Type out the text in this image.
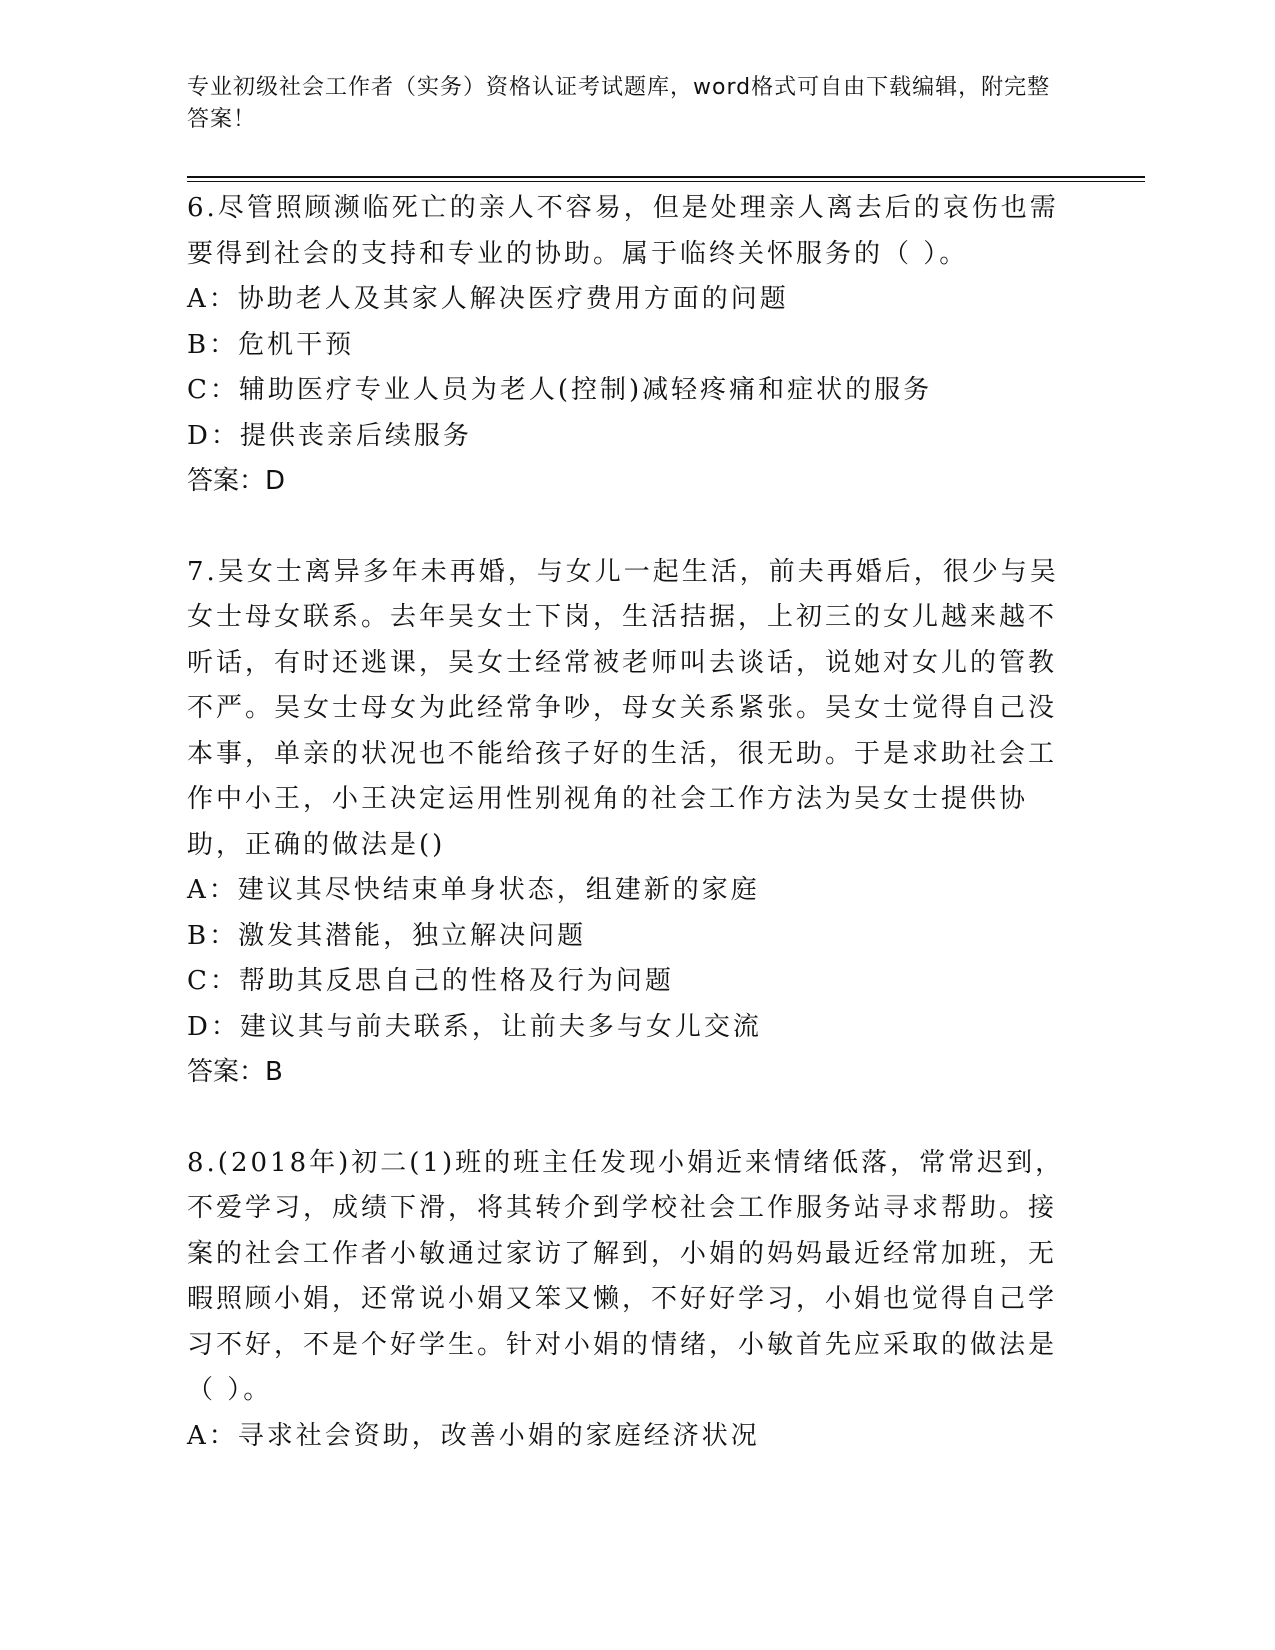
专业初级社会工作者（实务）资格认证考试题库，word格式可自由下载编辑，附完整答案！

6.尽管照顾濒临死亡的亲人不容易，但是处理亲人离去后的哀伤也需要得到社会的支持和专业的协助。属于临终关怀服务的（ ）。

A：协助老人及其家人解决医疗费用方面的问题

B：危机干预

C：辅助医疗专业人员为老人(控制)减轻疼痛和症状的服务

D：提供丧亲后续服务

答案：D

7.吴女士离异多年未再婚，与女儿一起生活，前夫再婚后，很少与吴女士母女联系。去年吴女士下岗，生活拮据，上初三的女儿越来越不听话，有时还逃课，吴女士经常被老师叫去谈话，说她对女儿的管教不严。吴女士母女为此经常争吵，母女关系紧张。吴女士觉得自己没本事，单亲的状况也不能给孩子好的生活，很无助。于是求助社会工作中小王，小王决定运用性别视角的社会工作方法为吴女士提供协助，正确的做法是()

A：建议其尽快结束单身状态，组建新的家庭

B：激发其潜能，独立解决问题

C：帮助其反思自己的性格及行为问题

D：建议其与前夫联系，让前夫多与女儿交流

答案：B

8.(2018年)初二(1)班的班主任发现小娟近来情绪低落，常常迟到，不爱学习，成绩下滑，将其转介到学校社会工作服务站寻求帮助。接案的社会工作者小敏通过家访了解到，小娟的妈妈最近经常加班，无暇照顾小娟，还常说小娟又笨又懒，不好好学习，小娟也觉得自己学习不好，不是个好学生。针对小娟的情绪，小敏首先应采取的做法是（ ）。

A：寻求社会资助，改善小娟的家庭经济状况
